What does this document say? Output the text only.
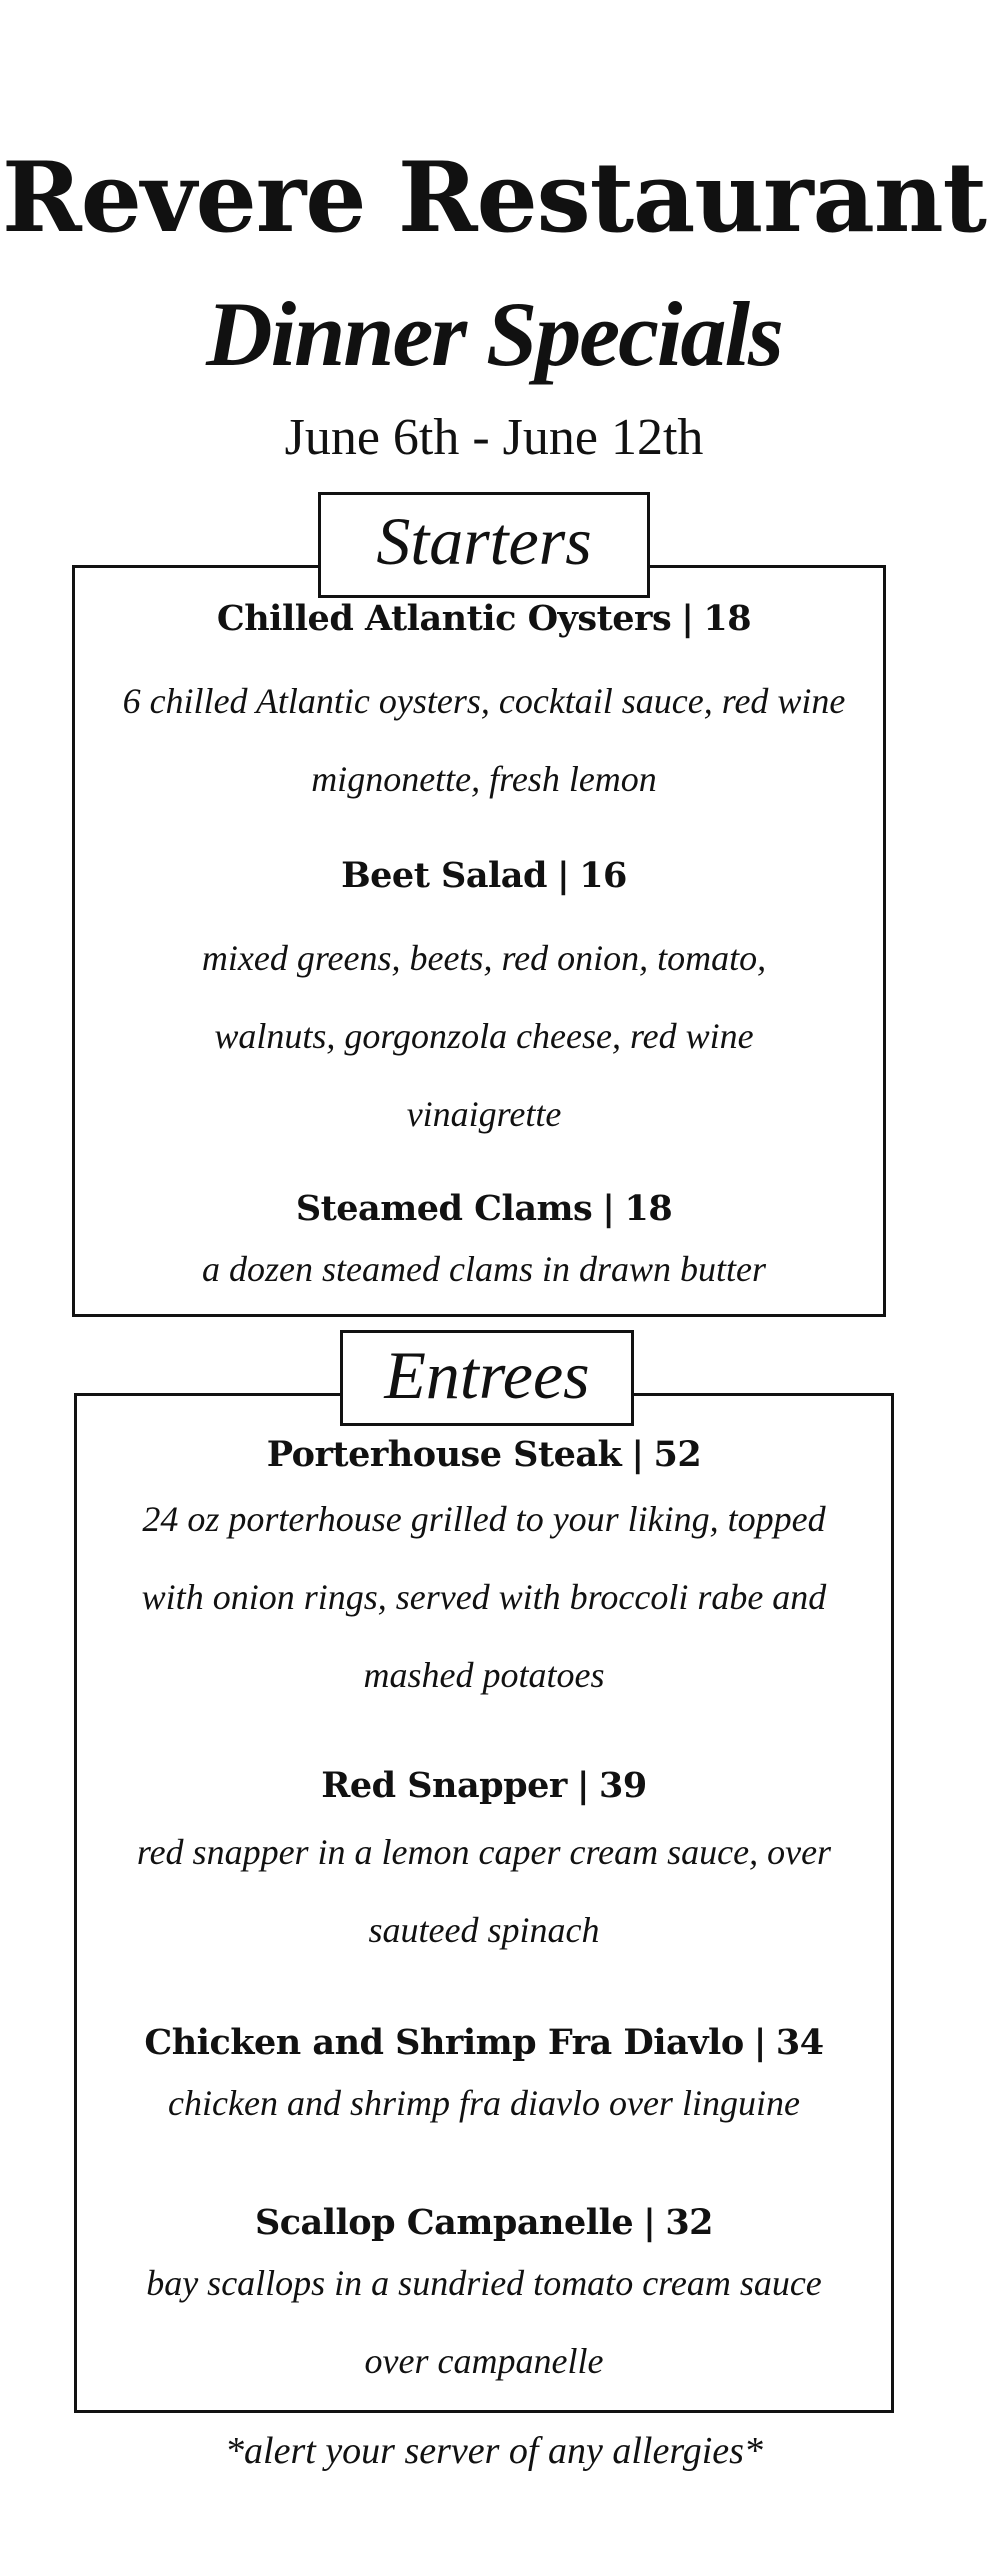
Revere Restaurant
Dinner Specials
June 6th - June 12th
Starters
Chilled Atlantic Oysters | 18
6 chilled Atlantic oysters, cocktail sauce, red wine mignonette, fresh lemon
Beet Salad | 16
mixed greens, beets, red onion, tomato, walnuts, gorgonzola cheese, red wine vinaigrette
Steamed Clams | 18
a dozen steamed clams in drawn butter
Entrees
Porterhouse Steak | 52
24 oz porterhouse grilled to your liking, topped with onion rings, served with broccoli rabe and mashed potatoes
Red Snapper | 39
red snapper in a lemon caper cream sauce, over sauteed spinach
Chicken and Shrimp Fra Diavlo | 34
chicken and shrimp fra diavlo over linguine
Scallop Campanelle | 32
bay scallops in a sundried tomato cream sauce over campanelle
*alert your server of any allergies*
